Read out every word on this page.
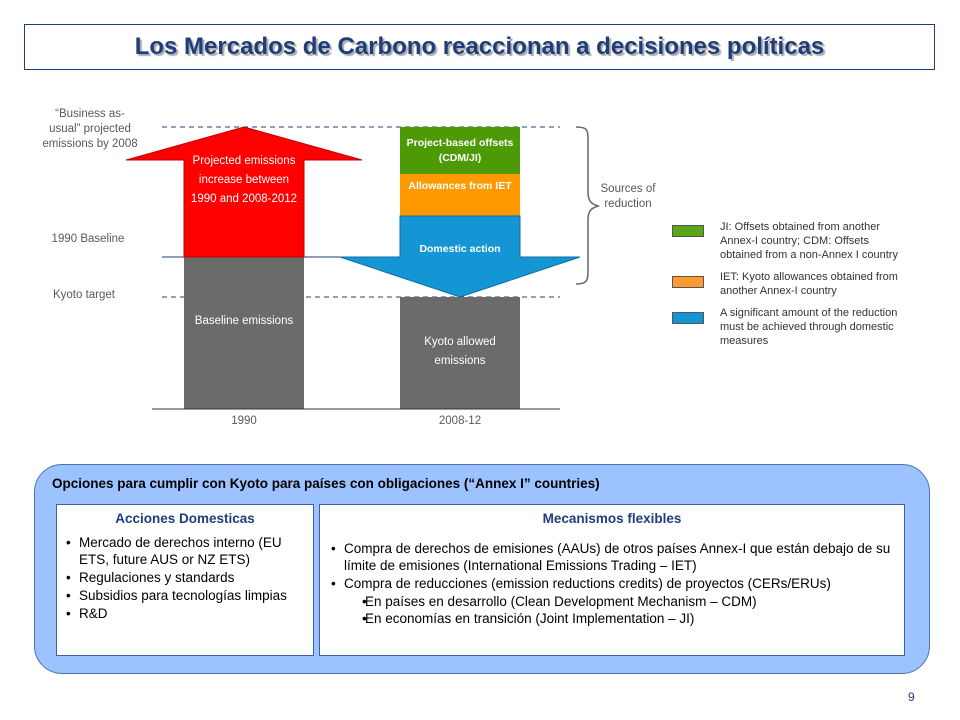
Los Mercados de Carbono reaccionan a decisiones políticas
“Business as-usual” projected emissions by 2008
1990 Baseline
Kyoto target
Projected emissions increase between 1990 and 2008-2012
Baseline emissions
Project-based offsets (CDM/JI)
Allowances from IET
Domestic action
Kyoto allowed emissions
1990	2008-12
Sources of reduction
JI: Offsets obtained from another Annex-I country; CDM: Offsets obtained from a non-Annex I country
IET: Kyoto allowances obtained from another Annex-I country
A significant amount of the reduction must be achieved through domestic measures
Opciones para cumplir con Kyoto para países con obligaciones (“Annex I” countries)
Acciones Domesticas
• Mercado de derechos interno (EU ETS, future AUS or NZ ETS)
• Regulaciones y standards
• Subsidios para tecnologías limpias
• R&D
Mecanismos flexibles
• Compra de derechos de emisiones (AAUs) de otros países Annex-I que están debajo de su límite de emisiones (International Emissions Trading – IET)
• Compra de reducciones (emission reductions credits) de proyectos (CERs/ERUs)
• En países en desarrollo (Clean Development Mechanism – CDM)
• En economías en transición (Joint Implementation – JI)
9
